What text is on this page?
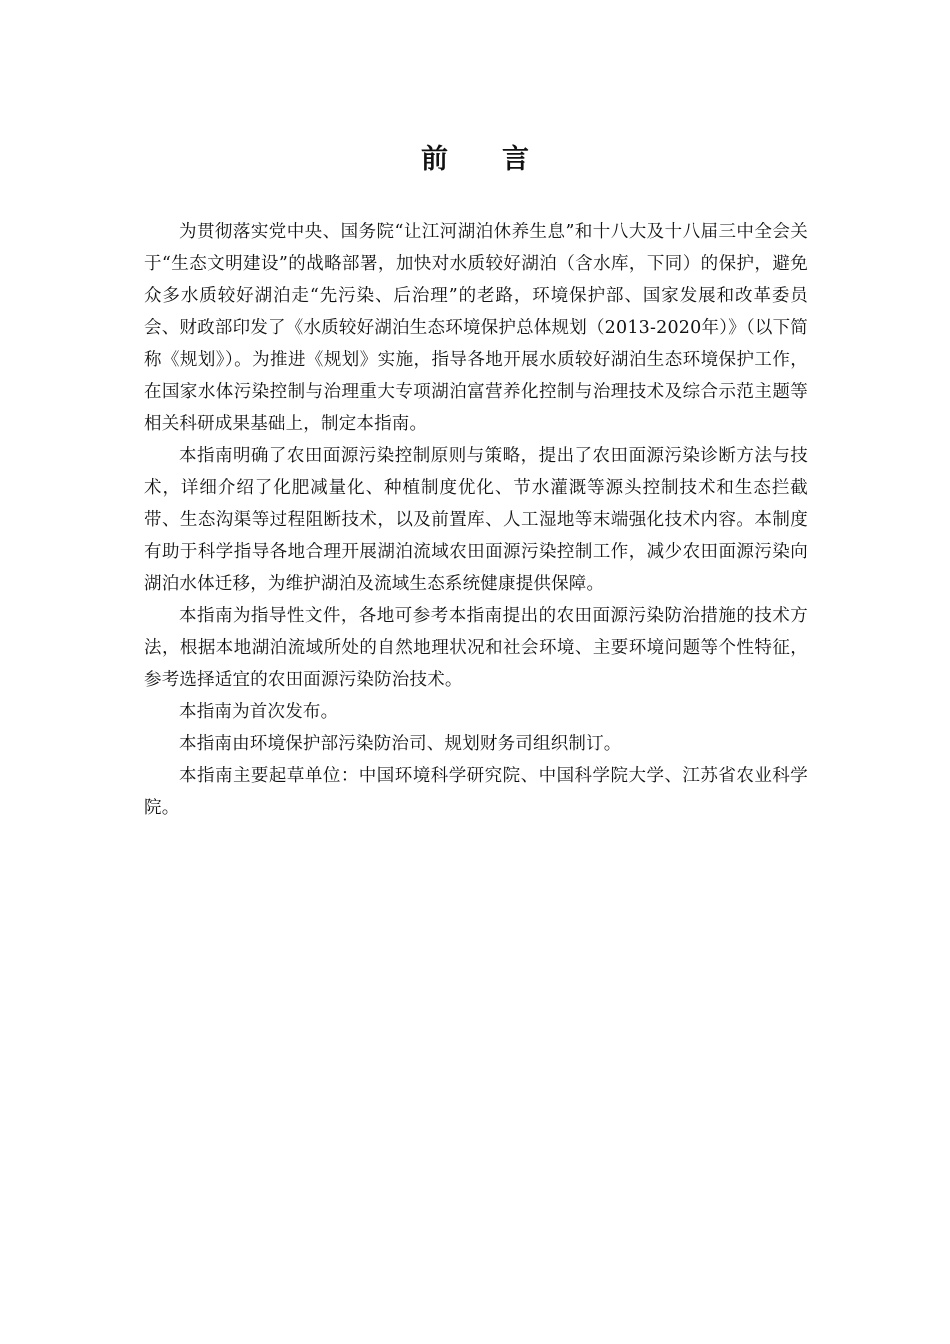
前言

为贯彻落实党中央、国务院“让江河湖泊休养生息”和十八大及十八届三中全会关于“生态文明建设”的战略部署，加快对水质较好湖泊（含水库，下同）的保护，避免众多水质较好湖泊走“先污染、后治理”的老路，环境保护部、国家发展和改革委员会、财政部印发了《水质较好湖泊生态环境保护总体规划（2013-2020年）》（以下简称《规划》）。为推进《规划》实施，指导各地开展水质较好湖泊生态环境保护工作，在国家水体污染控制与治理重大专项湖泊富营养化控制与治理技术及综合示范主题等相关科研成果基础上，制定本指南。

本指南明确了农田面源污染控制原则与策略，提出了农田面源污染诊断方法与技术，详细介绍了化肥减量化、种植制度优化、节水灌溉等源头控制技术和生态拦截带、生态沟渠等过程阻断技术，以及前置库、人工湿地等末端强化技术内容。本制度有助于科学指导各地合理开展湖泊流域农田面源污染控制工作，减少农田面源污染向湖泊水体迁移，为维护湖泊及流域生态系统健康提供保障。

本指南为指导性文件，各地可参考本指南提出的农田面源污染防治措施的技术方法，根据本地湖泊流域所处的自然地理状况和社会环境、主要环境问题等个性特征，参考选择适宜的农田面源污染防治技术。

本指南为首次发布。

本指南由环境保护部污染防治司、规划财务司组织制订。

本指南主要起草单位：中国环境科学研究院、中国科学院大学、江苏省农业科学院。
